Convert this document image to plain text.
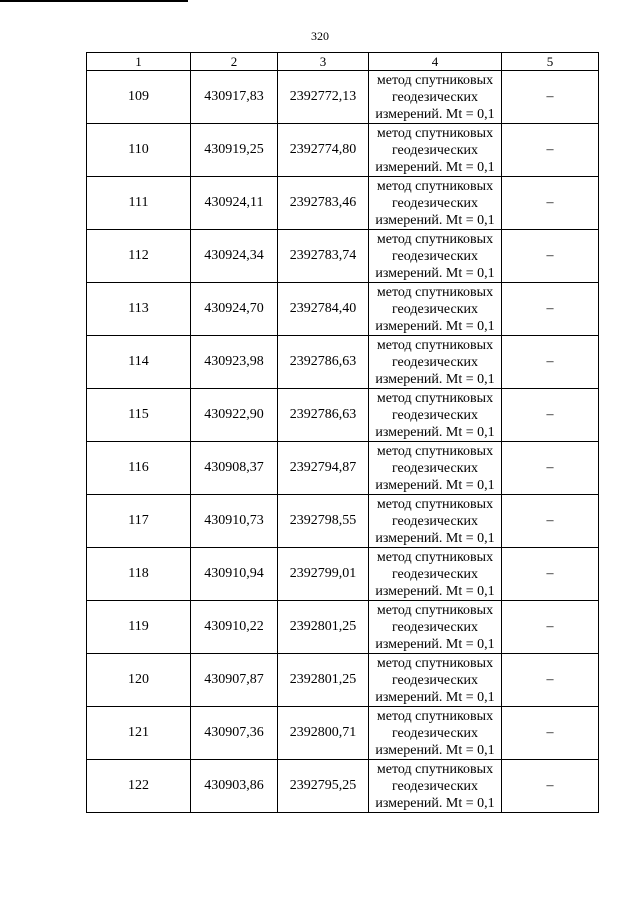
320
1	2	3	4	5
109	430917,83	2392772,13	метод спутниковых
геодезических
измерений. Mt = 0,1	–
110	430919,25	2392774,80	метод спутниковых
геодезических
измерений. Mt = 0,1	–
111	430924,11	2392783,46	метод спутниковых
геодезических
измерений. Mt = 0,1	–
112	430924,34	2392783,74	метод спутниковых
геодезических
измерений. Mt = 0,1	–
113	430924,70	2392784,40	метод спутниковых
геодезических
измерений. Mt = 0,1	–
114	430923,98	2392786,63	метод спутниковых
геодезических
измерений. Mt = 0,1	–
115	430922,90	2392786,63	метод спутниковых
геодезических
измерений. Mt = 0,1	–
116	430908,37	2392794,87	метод спутниковых
геодезических
измерений. Mt = 0,1	–
117	430910,73	2392798,55	метод спутниковых
геодезических
измерений. Mt = 0,1	–
118	430910,94	2392799,01	метод спутниковых
геодезических
измерений. Mt = 0,1	–
119	430910,22	2392801,25	метод спутниковых
геодезических
измерений. Mt = 0,1	–
120	430907,87	2392801,25	метод спутниковых
геодезических
измерений. Mt = 0,1	–
121	430907,36	2392800,71	метод спутниковых
геодезических
измерений. Mt = 0,1	–
122	430903,86	2392795,25	метод спутниковых
геодезических
измерений. Mt = 0,1	–
